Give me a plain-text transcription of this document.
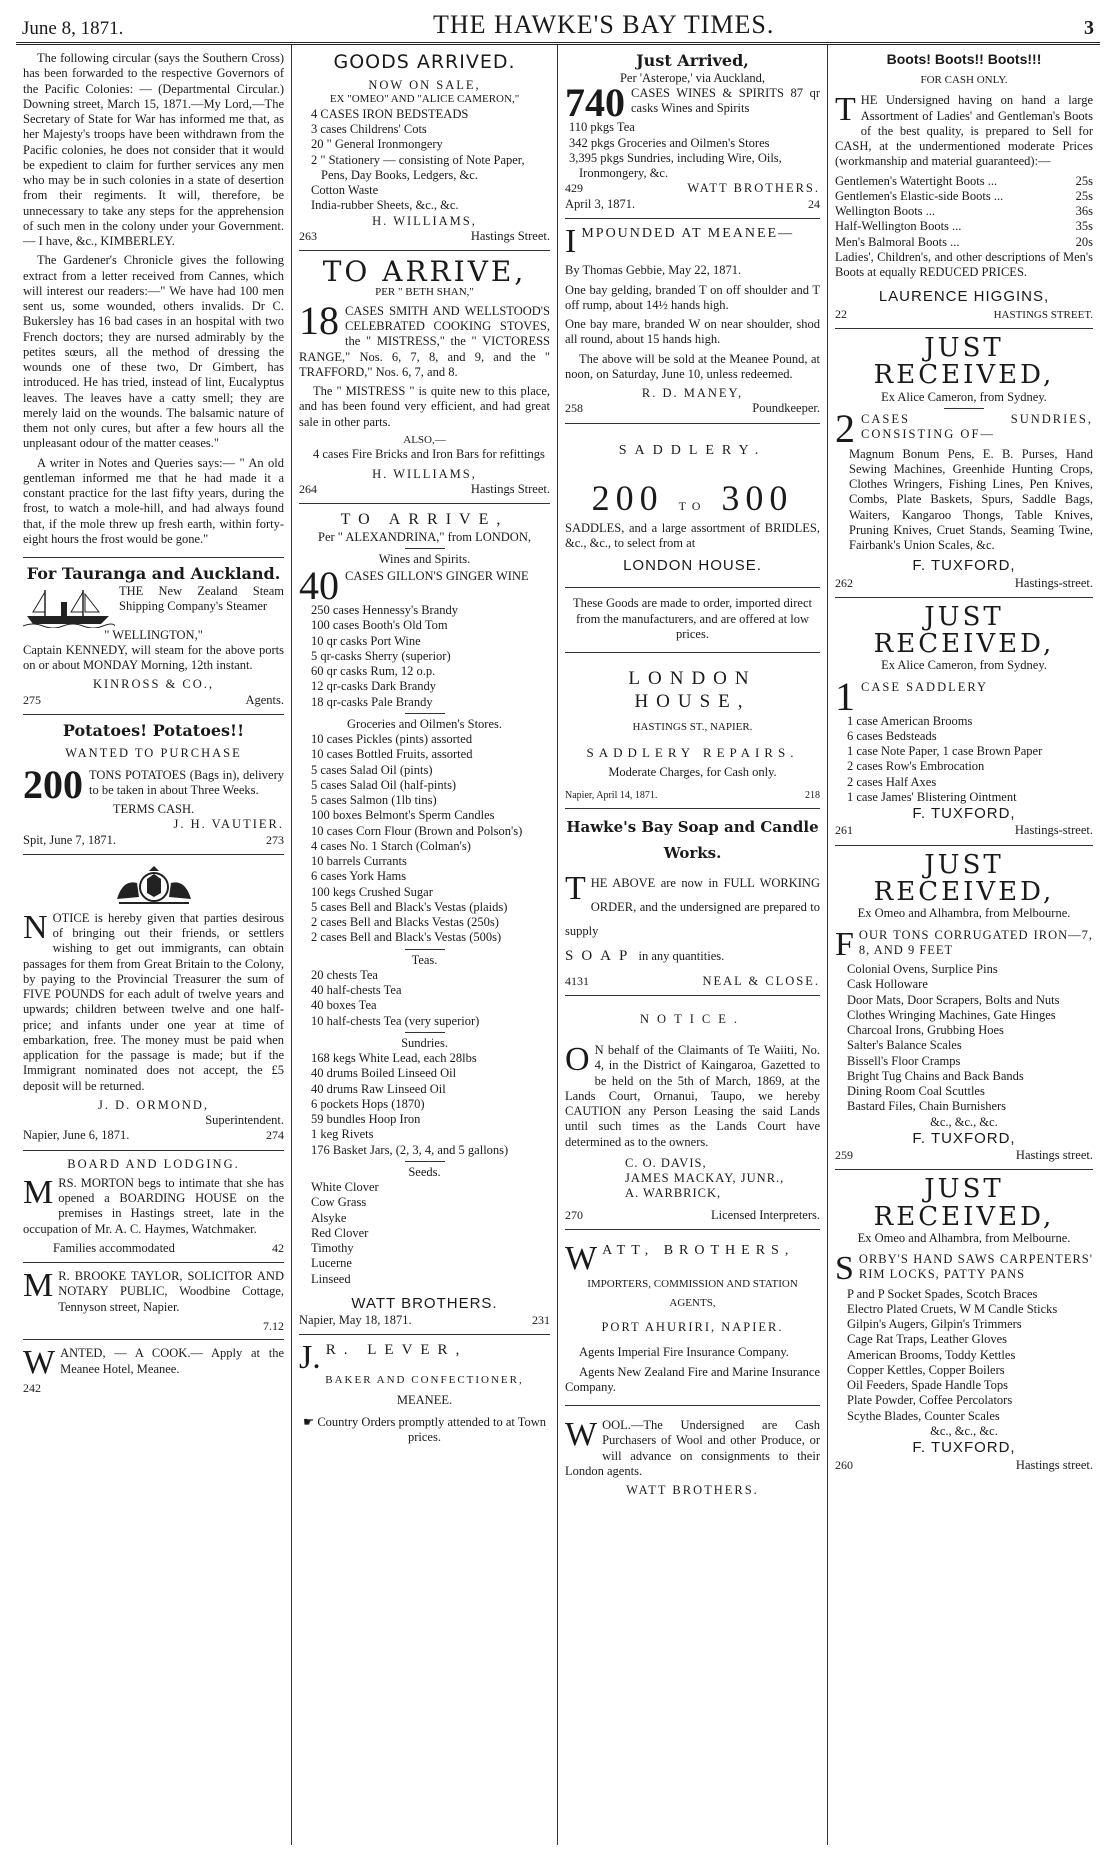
June 8, 1871.	THE HAWKE'S BAY TIMES.	3

The following circular (says the Southern Cross) has been forwarded to the respective Governors of the Pacific Colonies: — (Departmental Circular.) Downing street, March 15, 1871.—My Lord,—The Secretary of State for War has informed me that, as her Majesty's troops have been withdrawn from the Pacific colonies, he does not consider that it would be expedient to claim for further services any men who may be in such colonies in a state of desertion from their regiments. It will, therefore, be unnecessary to take any steps for the apprehension of such men in the colony under your Government. — I have, &c., KIMBERLEY.

The Gardener's Chronicle gives the following extract from a letter received from Cannes, which will interest our readers:—" We have had 100 men sent us, some wounded, others invalids. Dr C. Bukersley has 16 bad cases in an hospital with two French doctors; they are nursed admirably by the petites sœurs, all the method of dressing the wounds one of these two, Dr Gimbert, has introduced. He has tried, instead of lint, Eucalyptus leaves. The leaves have a catty smell; they are merely laid on the wounds. The balsamic nature of them not only cures, but after a few hours all the unpleasant odour of the matter ceases."

A writer in Notes and Queries says:— " An old gentleman informed me that he had made it a constant practice for the last fifty years, during the frost, to watch a mole-hill, and had always found that, if the mole threw up fresh earth, within forty-eight hours the frost would be gone."

For Tauranga and Auckland.

THE New Zealand Steam Shipping Company's Steamer

" WELLINGTON,"

Captain KENNEDY, will steam for the above ports on or about MONDAY Morning, 12th instant.

KINROSS & CO.,
275	Agents.
Potatoes! Potatoes!!
WANTED TO PURCHASE

200 TONS POTATOES (Bags in), delivery to be taken in about Three Weeks.

TERMS CASH.
J. H. VAUTIER.
Spit, June 7, 1871.	273

NOTICE is hereby given that parties desirous of bringing out their friends, or settlers wishing to get out immigrants, can obtain passages for them from Great Britain to the Colony, by paying to the Provincial Treasurer the sum of FIVE POUNDS for each adult of twelve years and upwards; children between twelve and one half-price; and infants under one year at time of embarkation, free. The money must be paid when application for the passage is made; but if the Immigrant nominated does not accept, the £5 deposit will be returned.

J. D. ORMOND,
Superintendent.
Napier, June 6, 1871.	274
BOARD AND LODGING.

MRS. MORTON begs to intimate that she has opened a BOARDING HOUSE on the premises in Hastings street, late in the occupation of Mr. A. C. Haymes, Watchmaker.

Families accommodated	42

M R. BROOKE TAYLOR, SOLICITOR AND NOTARY PUBLIC, Woodbine Cottage, Tennyson street, Napier.

7.12

WANTED, — A COOK.— Apply at the Meanee Hotel, Meanee.

242
GOODS ARRIVED.
NOW ON SALE,
EX "OMEO" AND "ALICE CAMERON,"
4 CASES IRON BEDSTEADS
3 cases Childrens' Cots
20 " General Ironmongery
2 " Stationery — consisting of Note Paper, Pens, Day Books, Ledgers, &c.
Cotton Waste
India-rubber Sheets, &c., &c.
H. WILLIAMS,
263	Hastings Street.
TO ARRIVE,
PER " BETH SHAN,"

18 CASES SMITH AND WELLSTOOD'S CELEBRATED COOKING STOVES, the " MISTRESS," the " VICTORESS RANGE," Nos. 6, 7, 8, and 9, and the " TRAFFORD," Nos. 6, 7, and 8.

The " MISTRESS " is quite new to this place, and has been found very efficient, and had great sale in other parts.

ALSO,—

4 cases Fire Bricks and Iron Bars for refittings

H. WILLIAMS,
264	Hastings Street.
TO ARRIVE,
Per " ALEXANDRINA," from LONDON,
Wines and Spirits.

40 CASES GILLON'S GINGER WINE

250 cases Hennessy's Brandy
100 cases Booth's Old Tom
10 qr casks Port Wine
5 qr-casks Sherry (superior)
60 qr casks Rum, 12 o.p.
12 qr-casks Dark Brandy
18 qr-casks Pale Brandy
Groceries and Oilmen's Stores.
10 cases Pickles (pints) assorted
10 cases Bottled Fruits, assorted
5 cases Salad Oil (pints)
5 cases Salad Oil (half-pints)
5 cases Salmon (1lb tins)
100 boxes Belmont's Sperm Candles
10 cases Corn Flour (Brown and Polson's)
4 cases No. 1 Starch (Colman's)
10 barrels Currants
6 cases York Hams
100 kegs Crushed Sugar
5 cases Bell and Black's Vestas (plaids)
2 cases Bell and Blacks Vestas (250s)
2 cases Bell and Black's Vestas (500s)
Teas.
20 chests Tea
40 half-chests Tea
40 boxes Tea
10 half-chests Tea (very superior)
Sundries.
168 kegs White Lead, each 28lbs
40 drums Boiled Linseed Oil
40 drums Raw Linseed Oil
6 pockets Hops (1870)
59 bundles Hoop Iron
1 keg Rivets
176 Basket Jars, (2, 3, 4, and 5 gallons)
Seeds.
White Clover
Cow Grass
Alsyke
Red Clover
Timothy
Lucerne
Linseed
WATT BROTHERS.
Napier, May 18, 1871.	231
J. R. LEVER,
BAKER AND CONFECTIONER,
MEANEE.

☛ Country Orders promptly attended to at Town prices.

Just Arrived,
Per 'Asterope,' via Auckland,

740 CASES WINES & SPIRITS 87 qr casks Wines and Spirits

110 pkgs Tea
342 pkgs Groceries and Oilmen's Stores
3,395 pkgs Sundries, including Wire, Oils, Ironmongery, &c.
429	WATT BROTHERS.
April 3, 1871.	24
IMPOUNDED AT MEANEE—

By Thomas Gebbie, May 22, 1871.

One bay gelding, branded T on off shoulder and T off rump, about 14½ hands high.

One bay mare, branded W on near shoulder, shod all round, about 15 hands high.

The above will be sold at the Meanee Pound, at noon, on Saturday, June 10, unless redeemed.

R. D. MANEY,
258	Poundkeeper.
SADDLERY.
200 TO 300

SADDLES, and a large assortment of BRIDLES, &c., &c., to select from at

LONDON HOUSE.

These Goods are made to order, imported direct from the manufacturers, and are offered at low prices.

LONDON HOUSE,
HASTINGS ST., NAPIER.
SADDLERY REPAIRS.
Moderate Charges, for Cash only.
Napier, April 14, 1871.	218
Hawke's Bay Soap and Candle Works.

THE ABOVE are now in FULL WORKING ORDER, and the undersigned are prepared to supply

SOAP in any quantities.

4131	NEAL & CLOSE.
NOTICE.

O N behalf of the Claimants of Te Waiiti, No. 4, in the District of Kaingaroa, Gazetted to be held on the 5th of March, 1869, at the Lands Court, Ornanui, Taupo, we hereby CAUTION any Person Leasing the said Lands until such times as the Lands Court have determined as to the owners.

C. O. DAVIS,
JAMES MACKAY, JUNR.,
A. WARBRICK,
270	Licensed Interpreters.
WATT, BROTHERS,
IMPORTERS, COMMISSION AND STATION AGENTS,
PORT AHURIRI, NAPIER.

Agents Imperial Fire Insurance Company.

Agents New Zealand Fire and Marine Insurance Company.

WOOL.—The Undersigned are Cash Purchasers of Wool and other Produce, or will advance on consignments to their London agents.

WATT BROTHERS.
Boots! Boots!! Boots!!!
FOR CASH ONLY.

THE Undersigned having on hand a large Assortment of Ladies' and Gentleman's Boots of the best quality, is prepared to Sell for CASH, at the undermentioned moderate Prices (workmanship and material guaranteed):—

Gentlemen's Watertight Boots ...	25s
Gentlemen's Elastic-side Boots ...	25s
Wellington Boots ...	36s
Half-Wellington Boots ...	35s
Men's Balmoral Boots ...	20s

Ladies', Children's, and other descriptions of Men's Boots at equally REDUCED PRICES.

LAURENCE HIGGINS,
22	HASTINGS STREET.
JUST RECEIVED,
Ex Alice Cameron, from Sydney.

2 CASES SUNDRIES, CONSISTING OF—

Magnum Bonum Pens, E. B. Purses, Hand Sewing Machines, Greenhide Hunting Crops, Clothes Wringers, Fishing Lines, Pen Knives, Combs, Plate Baskets, Spurs, Saddle Bags, Waiters, Kangaroo Thongs, Table Knives, Pruning Knives, Cruet Stands, Seaming Twine, Fairbank's Union Scales, &c.

F. TUXFORD,
262	Hastings-street.
JUST RECEIVED,
Ex Alice Cameron, from Sydney.

1 CASE SADDLERY

1 case American Brooms
6 cases Bedsteads
1 case Note Paper, 1 case Brown Paper
2 cases Row's Embrocation
2 cases Half Axes
1 case James' Blistering Ointment
F. TUXFORD,
261	Hastings-street.
JUST RECEIVED,
Ex Omeo and Alhambra, from Melbourne.

FOUR TONS CORRUGATED IRON—7, 8, AND 9 FEET

Colonial Ovens, Surplice Pins
Cask Holloware
Door Mats, Door Scrapers, Bolts and Nuts
Clothes Wringing Machines, Gate Hinges
Charcoal Irons, Grubbing Hoes
Salter's Balance Scales
Bissell's Floor Cramps
Bright Tug Chains and Back Bands
Dining Room Coal Scuttles
Bastard Files, Chain Burnishers
&c., &c., &c.
F. TUXFORD,
259	Hastings street.
JUST RECEIVED,
Ex Omeo and Alhambra, from Melbourne.

SORBY'S HAND SAWS CARPENTERS' RIM LOCKS, PATTY PANS

P and P Socket Spades, Scotch Braces
Electro Plated Cruets, W M Candle Sticks
Gilpin's Augers, Gilpin's Trimmers
Cage Rat Traps, Leather Gloves
American Brooms, Toddy Kettles
Copper Kettles, Copper Boilers
Oil Feeders, Spade Handle Tops
Plate Powder, Coffee Percolators
Scythe Blades, Counter Scales
&c., &c., &c.
F. TUXFORD,
260	Hastings street.
